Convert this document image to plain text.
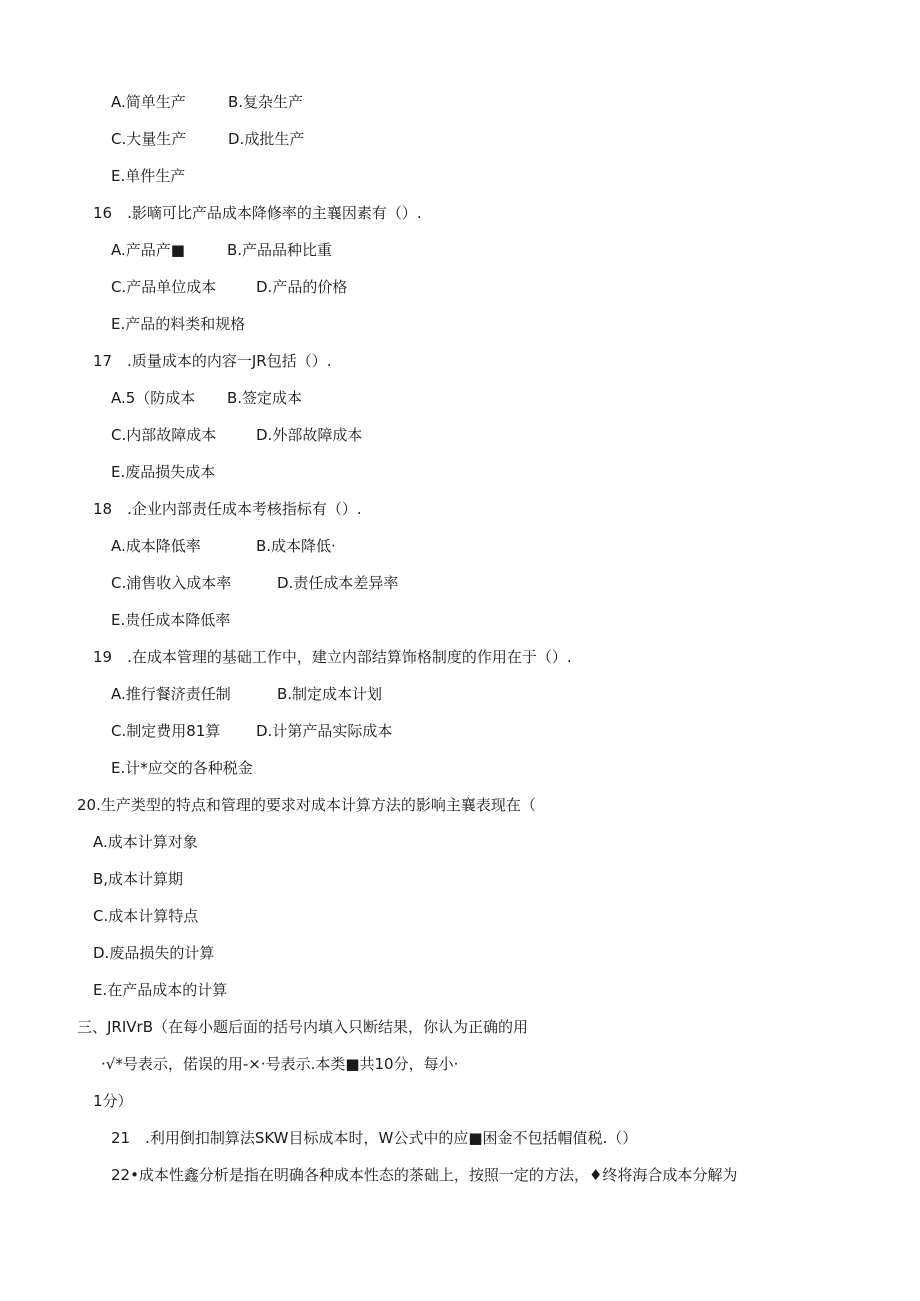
A.简单生产	B.复杂生产
C.大量生产	D.成批生产
E.单件生产
16　.影嘀可比产品成本降修率的主襄因素有（）.
A.产品产■	B.产品品种比重
C.产品单位成本	D.产品的价格
E.产品的料类和规格
17　.质量成本的内容一JR包括（）.
A.5（防成本 B.签定成本
C.内部故障成本	D.外部故障成本
E.废品损失成本
18　.企业内部责任成本考核指标有（）.
A.成本降低率	B.成本降低·
C.浦售收入成本率	D.责任成本差异率
E.贵任成本降低率
19　.在成本管理的基础工作中，建立内部结算饰格制度的作用在于（）.
A.推行餐济责任制	B.制定成本计划
C.制定费用81算 D.计第产品实际成本
E.计*应交的各种税金
20.生产类型的特点和管理的要求对成本计算方法的影响主襄表现在（
A.成本计算对象
B,成本计算期
C.成本计算特点
D.废品损失的计算
E.在产品成本的计算
三、JRIVrB（在每小题后面的括号内填入只断结果，你认为正确的用
·√*号表示，偌误的用-×·号表示.本类■共10分，每小·
1分）
21　.利用倒扣制算法SKW目标成本时，W公式中的应■困金不包括帽值税.（）
22•成本性鑫分析是指在明确各种成本性态的茶础上，按照一定的方法，♦终将海合成本分解为
